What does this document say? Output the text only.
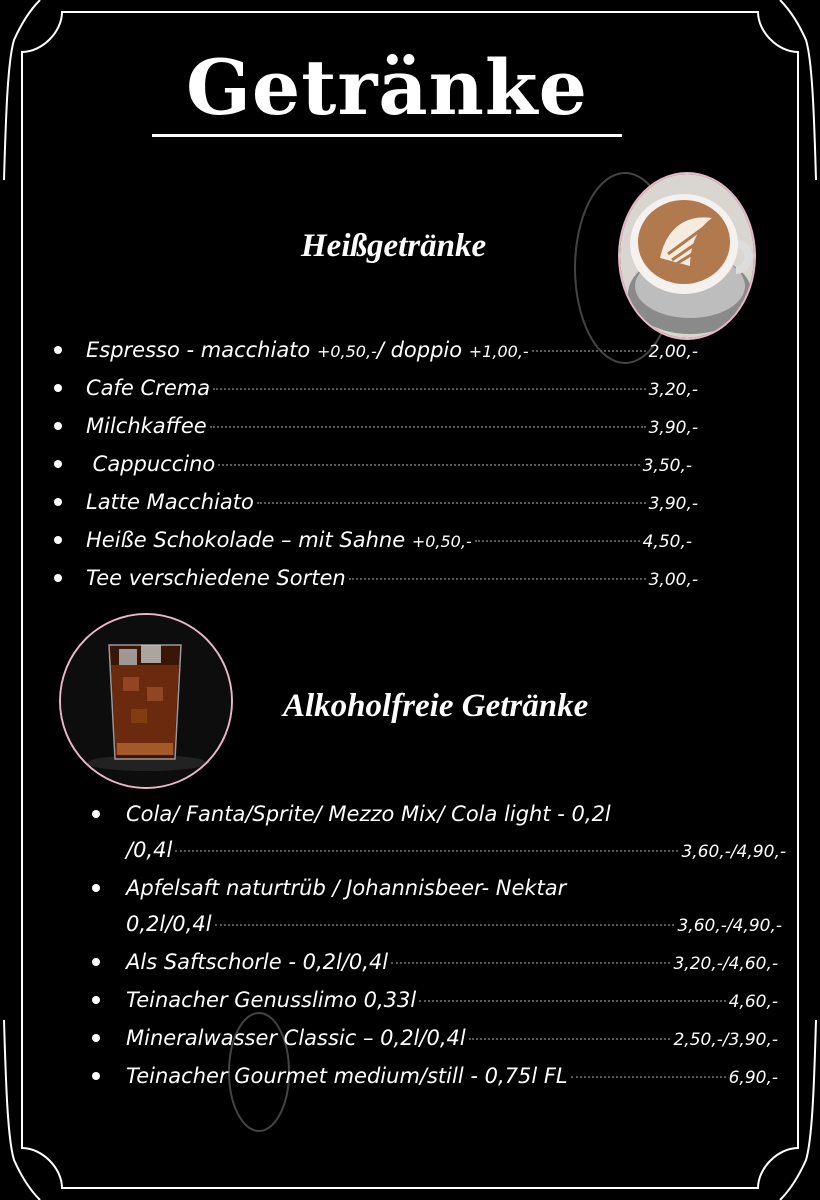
Getränke
Heißgetränke
Espresso - macchiato +0,50,-/ doppio +1,00,-	2,00,-
Cafe Crema	3,20,-
Milchkaffee	3,90,-
Cappuccino	3,50,-
Latte Macchiato	3,90,-
Heiße Schokolade – mit Sahne +0,50,-	4,50,-
Tee verschiedene Sorten	3,00,-
Alkoholfreie Getränke
Cola/ Fanta/Sprite/ Mezzo Mix/ Cola light - 0,2l
/0,4l	3,60,-/4,90,-
Apfelsaft naturtrüb / Johannisbeer- Nektar
0,2l/0,4l	3,60,-/4,90,-
Als Saftschorle - 0,2l/0,4l	3,20,-/4,60,-
Teinacher Genusslimo 0,33l	4,60,-
Mineralwasser Classic – 0,2l/0,4l	2,50,-/3,90,-
Teinacher Gourmet medium/still - 0,75l FL	6,90,-
